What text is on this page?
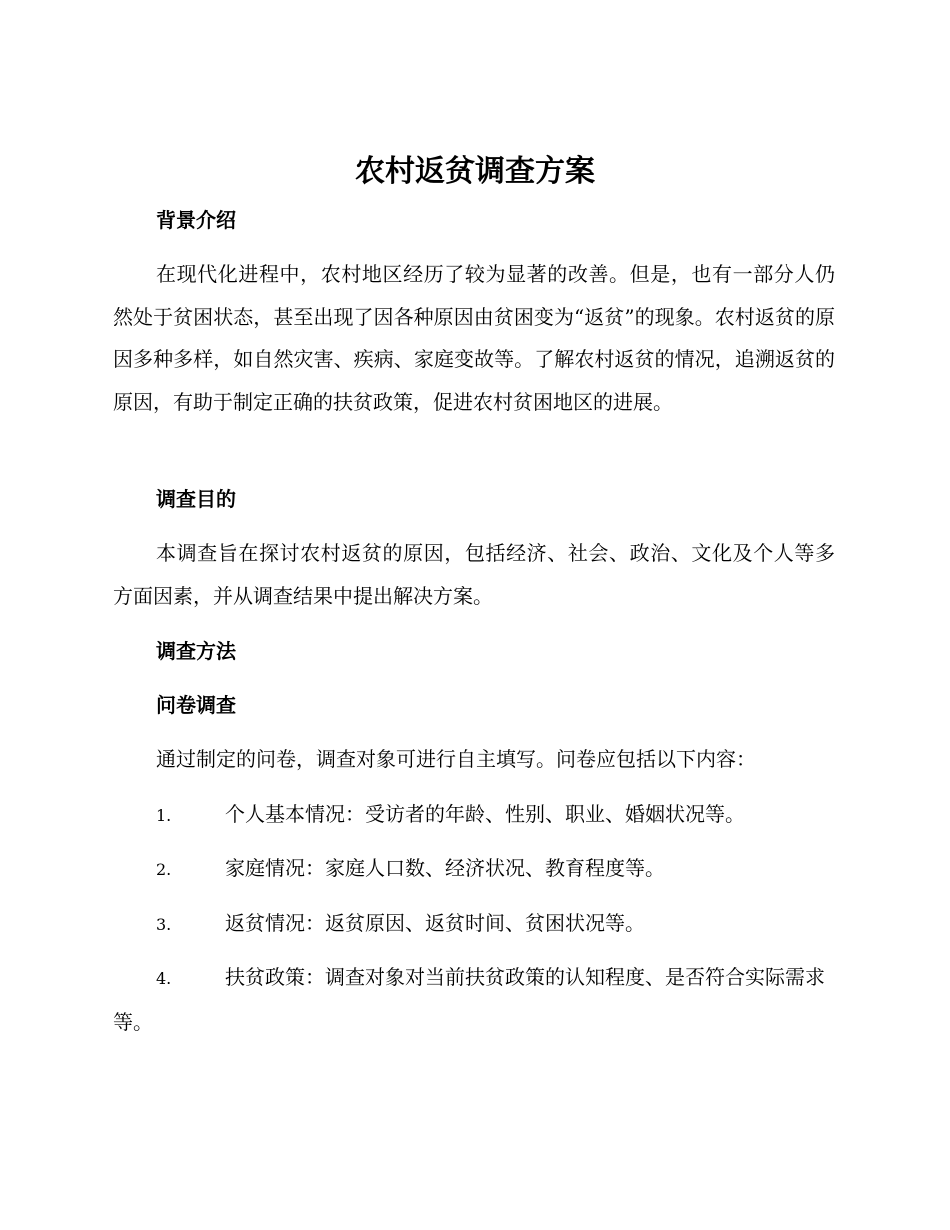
农村返贫调查方案
背景介绍
在现代化进程中，农村地区经历了较为显著的改善。但是，也有一部分人仍然处于贫困状态，甚至出现了因各种原因由贫困变为“返贫”的现象。农村返贫的原因多种多样，如自然灾害、疾病、家庭变故等。了解农村返贫的情况，追溯返贫的原因，有助于制定正确的扶贫政策，促进农村贫困地区的进展。
调查目的
本调查旨在探讨农村返贫的原因，包括经济、社会、政治、文化及个人等多方面因素，并从调查结果中提出解决方案。
调查方法
问卷调查
通过制定的问卷，调查对象可进行自主填写。问卷应包括以下内容：
1.	个人基本情况：受访者的年龄、性别、职业、婚姻状况等。
2.	家庭情况：家庭人口数、经济状况、教育程度等。
3.	返贫情况：返贫原因、返贫时间、贫困状况等。
4.	扶贫政策：调查对象对当前扶贫政策的认知程度、是否符合实际需求等。
